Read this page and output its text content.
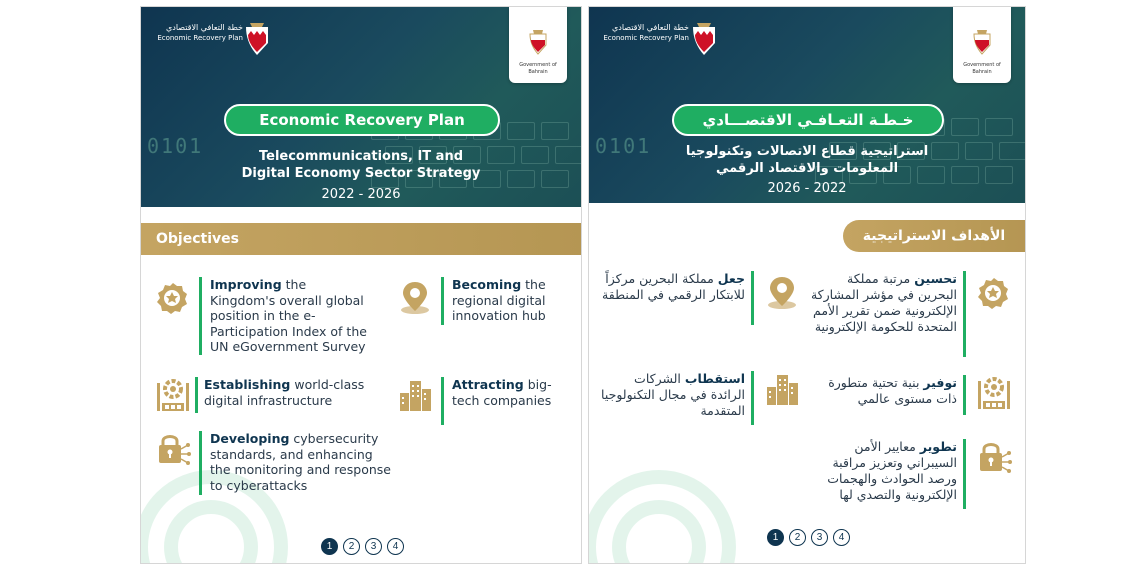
0101
خطة التعافي الاقتصادي
Economic Recovery Plan
Government of Bahrain
Economic Recovery Plan
Telecommunications, IT and
Digital Economy Sector Strategy
2022 - 2026
Objectives
Improving the Kingdom's overall global position in the e-Participation Index of the UN eGovernment Survey
Becoming the regional digital innovation hub
Establishing world-class digital infrastructure
Attracting big-tech companies
Developing cybersecurity standards, and enhancing the monitoring and response to cyberattacks
1	2	3	4
0101
خطة التعافي الاقتصادي
Economic Recovery Plan
Government of Bahrain
خـطـة التعـافـي الاقتصـــادي
استراتيجية قطاع الاتصالات وتكنولوجيا
المعلومات والاقتصاد الرقمي
2026 - 2022
الأهداف الاستراتيجية
تحسين مرتبة مملكة البحرين في مؤشر المشاركة الإلكترونية ضمن تقرير الأمم المتحدة للحكومة الإلكترونية
جعل مملكة البحرين مركزاً للابتكار الرقمي في المنطقة
توفير بنية تحتية متطورة ذات مستوى عالمي
استقطاب الشركات الرائدة في مجال التكنولوجيا المتقدمة
تطوير معايير الأمن السيبراني وتعزيز مراقبة ورصد الحوادث والهجمات الإلكترونية والتصدي لها
1	2	3	4
